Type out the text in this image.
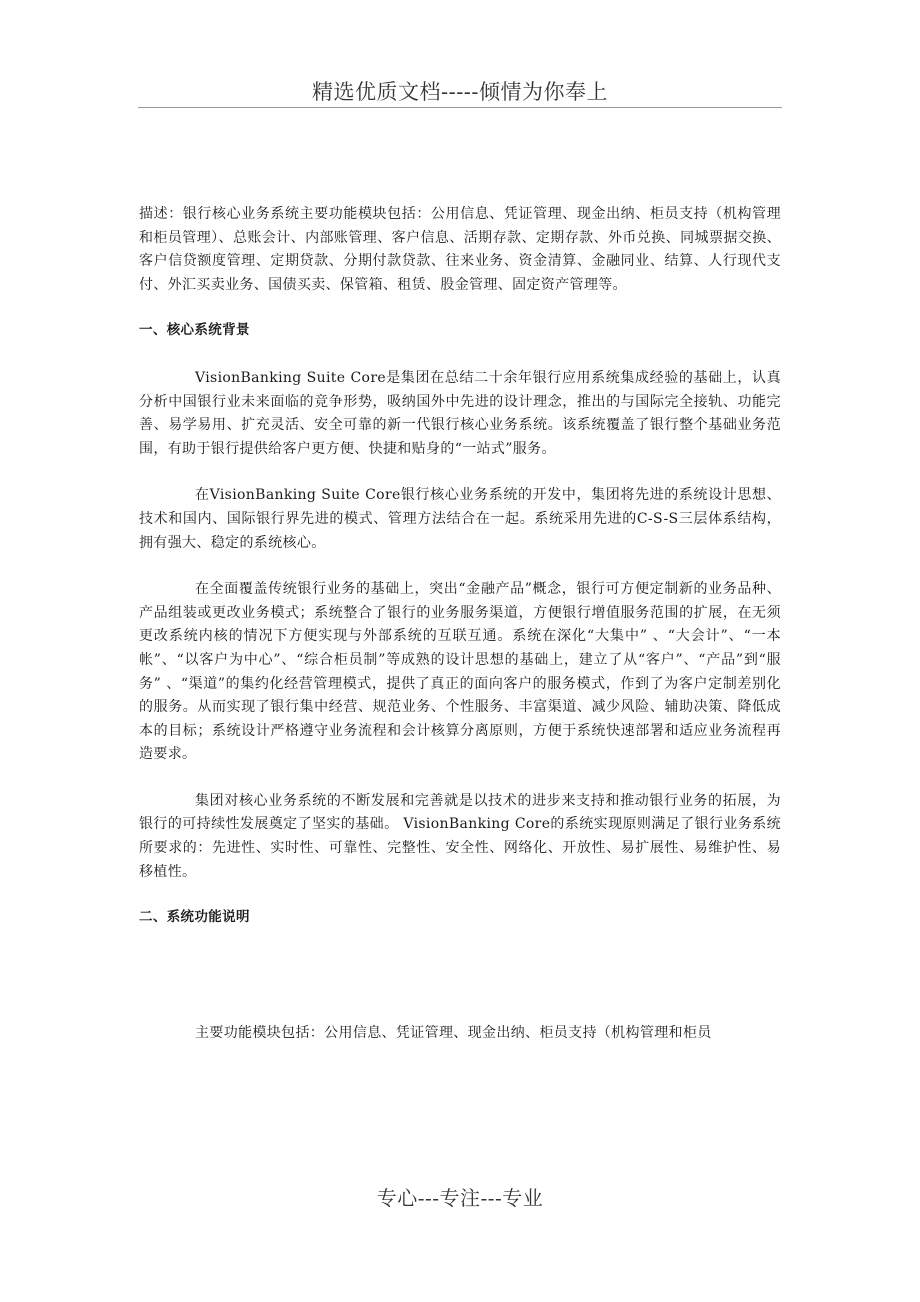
精选优质文档-----倾情为你奉上

描述：银行核心业务系统主要功能模块包括：公用信息、凭证管理、现金出纳、柜员支持（机构管理和柜员管理）、总账会计、内部账管理、客户信息、活期存款、定期存款、外币兑换、同城票据交换、客户信贷额度管理、定期贷款、分期付款贷款、往来业务、资金清算、金融同业、结算、人行现代支付、外汇买卖业务、国债买卖、保管箱、租赁、股金管理、固定资产管理等。

一、核心系统背景

VisionBanking Suite Core是集团在总结二十余年银行应用系统集成经验的基础上，认真分析中国银行业未来面临的竞争形势，吸纳国外中先进的设计理念，推出的与国际完全接轨、功能完善、易学易用、扩充灵活、安全可靠的新一代银行核心业务系统。该系统覆盖了银行整个基础业务范围，有助于银行提供给客户更方便、快捷和贴身的“一站式”服务。

在VisionBanking Suite Core银行核心业务系统的开发中，集团将先进的系统设计思想、技术和国内、国际银行界先进的模式、管理方法结合在一起。系统采用先进的C-S-S三层体系结构，拥有强大、稳定的系统核心。

在全面覆盖传统银行业务的基础上，突出“金融产品”概念，银行可方便定制新的业务品种、产品组装或更改业务模式；系统整合了银行的业务服务渠道，方便银行增值服务范围的扩展，在无须更改系统内核的情况下方便实现与外部系统的互联互通。系统在深化“大集中” 、“大会计”、“一本帐”、“以客户为中心”、“综合柜员制”等成熟的设计思想的基础上，建立了从“客户”、“产品”到“服务” 、“渠道”的集约化经营管理模式，提供了真正的面向客户的服务模式，作到了为客户定制差别化的服务。从而实现了银行集中经营、规范业务、个性服务、丰富渠道、减少风险、辅助决策、降低成本的目标；系统设计严格遵守业务流程和会计核算分离原则，方便于系统快速部署和适应业务流程再造要求。

集团对核心业务系统的不断发展和完善就是以技术的进步来支持和推动银行业务的拓展，为银行的可持续性发展奠定了坚实的基础。 VisionBanking Core的系统实现原则满足了银行业务系统所要求的：先进性、实时性、可靠性、完整性、安全性、网络化、开放性、易扩展性、易维护性、易移植性。

二、系统功能说明

主要功能模块包括：公用信息、凭证管理、现金出纳、柜员支持（机构管理和柜员

专心---专注---专业
